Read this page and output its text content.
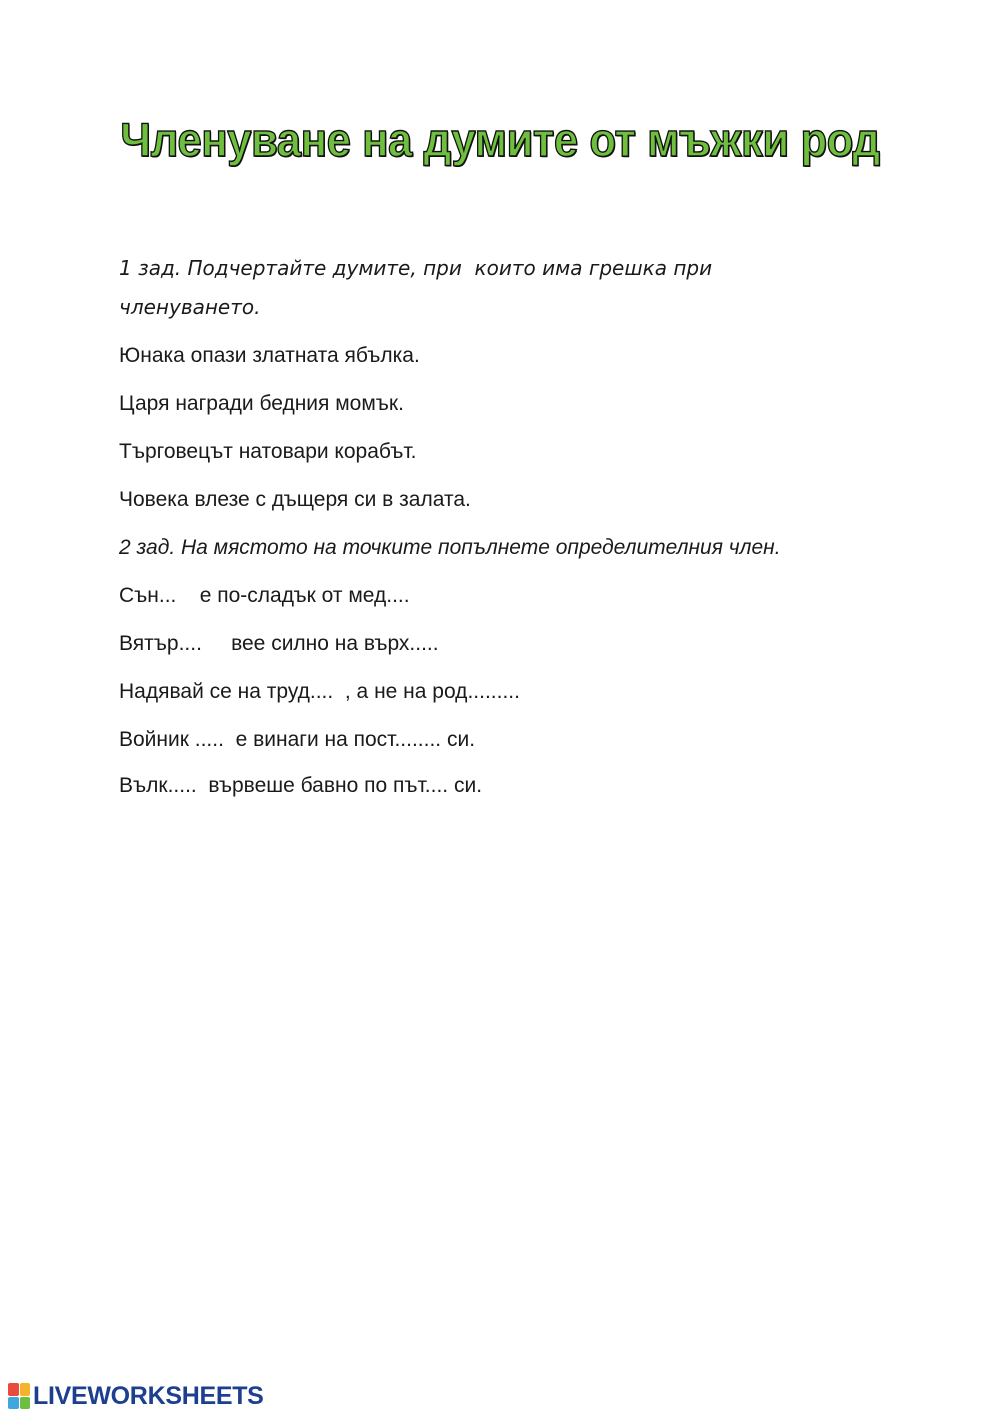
Членуване на думите от мъжки род
1 зад. Подчертайте думите, при  които има грешка при
членуването.
Юнака опази златната ябълка.
Царя награди бедния момък.
Търговецът натовари корабът.
Човека влезе с дъщеря си в залата.
2 зад. На мястото на точките попълнете определителния член.
Сън...    е по-сладък от мед....
Вятър....     вее силно на върх.....
Надявай се на труд....  , а не на род.........
Войник .....  е винаги на пост........ си.
Вълк.....  вървеше бавно по път.... си.
LIVEWORKSHEETS
